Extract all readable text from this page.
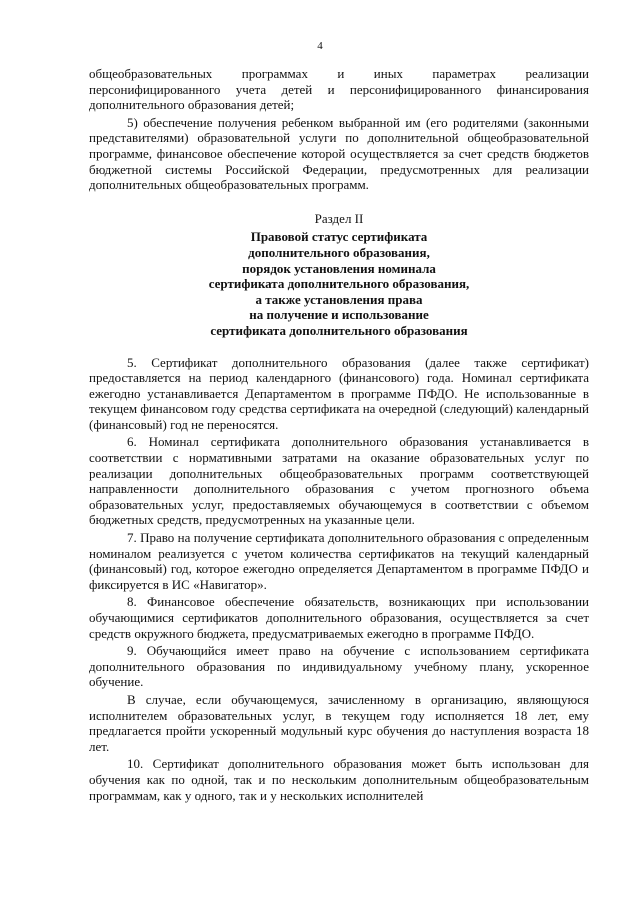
4

общеобразовательных программах и иных параметрах реализации персонифицированного учета детей и персонифицированного финансирования дополнительного образования детей;

5) обеспечение получения ребенком выбранной им (его родителями (законными представителями) образовательной услуги по дополнительной общеобразовательной программе, финансовое обеспечение которой осуществляется за счет средств бюджетов бюджетной системы Российской Федерации, предусмотренных для реализации дополнительных общеобразовательных программ.

Раздел II
Правовой статус сертификата
дополнительного образования,
порядок установления номинала
сертификата дополнительного образования,
а также установления права
на получение и использование
сертификата дополнительного образования

5. Сертификат дополнительного образования (далее также сертификат) предоставляется на период календарного (финансового) года. Номинал сертификата ежегодно устанавливается Департаментом в программе ПФДО. Не использованные в текущем финансовом году средства сертификата на очередной (следующий) календарный (финансовый) год не переносятся.

6. Номинал сертификата дополнительного образования устанавливается в соответствии с нормативными затратами на оказание образовательных услуг по реализации дополнительных общеобразовательных программ соответствующей направленности дополнительного образования с учетом прогнозного объема образовательных услуг, предоставляемых обучающемуся в соответствии с объемом бюджетных средств, предусмотренных на указанные цели.

7. Право на получение сертификата дополнительного образования с определенным номиналом реализуется с учетом количества сертификатов на текущий календарный (финансовый) год, которое ежегодно определяется Департаментом в программе ПФДО и фиксируется в ИС «Навигатор».

8. Финансовое обеспечение обязательств, возникающих при использовании обучающимися сертификатов дополнительного образования, осуществляется за счет средств окружного бюджета, предусматриваемых ежегодно в программе ПФДО.

9. Обучающийся имеет право на обучение с использованием сертификата дополнительного образования по индивидуальному учебному плану, ускоренное обучение.

В случае, если обучающемуся, зачисленному в организацию, являющуюся исполнителем образовательных услуг, в текущем году исполняется 18 лет, ему предлагается пройти ускоренный модульный курс обучения до наступления возраста 18 лет.

10. Сертификат дополнительного образования может быть использован для обучения как по одной, так и по нескольким дополнительным общеобразовательным программам, как у одного, так и у нескольких исполнителей
